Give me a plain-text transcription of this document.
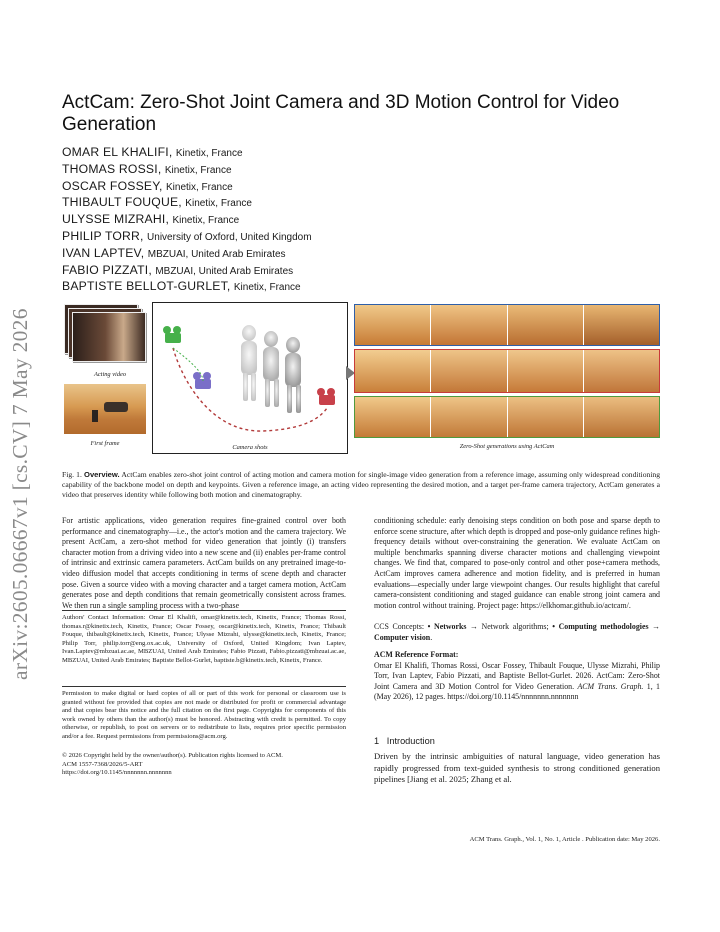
arXiv:2605.06667v1 [cs.CV] 7 May 2026
ActCam: Zero-Shot Joint Camera and 3D Motion Control for Video Generation
OMAR EL KHALIFI, Kinetix, France
THOMAS ROSSI, Kinetix, France
OSCAR FOSSEY, Kinetix, France
THIBAULT FOUQUE, Kinetix, France
ULYSSE MIZRAHI, Kinetix, France
PHILIP TORR, University of Oxford, United Kingdom
IVAN LAPTEV, MBZUAI, United Arab Emirates
FABIO PIZZATI, MBZUAI, United Arab Emirates
BAPTISTE BELLOT-GURLET, Kinetix, France
Acting video
First frame
Camera shots	Zero-Shot generations using ActCam
Fig. 1. Overview. ActCam enables zero-shot joint control of acting motion and camera motion for single-image video generation from a reference image, assuming only widespread conditioning capability of the backbone model on depth and keypoints. Given a reference image, an acting video representing the desired motion, and a target per-frame camera trajectory, ActCam generates a video that preserves identity while following both motion and cinematography.
For artistic applications, video generation requires fine-grained control over both performance and cinematography—i.e., the actor's motion and the camera trajectory. We present ActCam, a zero-shot method for video generation that jointly (i) transfers character motion from a driving video into a new scene and (ii) enables per-frame control of intrinsic and extrinsic camera parameters. ActCam builds on any pretrained image-to-video diffusion model that accepts conditioning in terms of scene depth and character pose. Given a source video with a moving character and a target camera motion, ActCam generates pose and depth conditions that remain geometrically consistent across frames. We then run a single sampling process with a two-phase
Authors' Contact Information: Omar El Khalifi, omar@kinetix.tech, Kinetix, France; Thomas Rossi, thomas.r@kinetix.tech, Kinetix, France; Oscar Fossey, oscar@kinetix.tech, Kinetix, France; Thibault Fouque, thibault@kinetix.tech, Kinetix, France; Ulysse Mizrahi, ulysse@kinetix.tech, Kinetix, France; Philip Torr, philip.torr@eng.ox.ac.uk, University of Oxford, United Kingdom; Ivan Laptev, Ivan.Laptev@mbzuai.ac.ae, MBZUAI, United Arab Emirates; Fabio Pizzati, Fabio.pizzati@mbzuai.ac.ae, MBZUAI, United Arab Emirates; Baptiste Bellot-Gurlet, baptiste.b@kinetix.tech, Kinetix, France.
Permission to make digital or hard copies of all or part of this work for personal or classroom use is granted without fee provided that copies are not made or distributed for profit or commercial advantage and that copies bear this notice and the full citation on the first page. Copyrights for components of this work owned by others than the author(s) must be honored. Abstracting with credit is permitted. To copy otherwise, or republish, to post on servers or to redistribute to lists, requires prior specific permission and/or a fee. Request permissions from permissions@acm.org.
© 2026 Copyright held by the owner/author(s). Publication rights licensed to ACM.
ACM 1557-7368/2026/5-ART
https://doi.org/10.1145/nnnnnnn.nnnnnnn
conditioning schedule: early denoising steps condition on both pose and sparse depth to enforce scene structure, after which depth is dropped and pose-only guidance refines high-frequency details without over-constraining the generation. We evaluate ActCam on multiple benchmarks spanning diverse character motions and challenging viewpoint changes. We find that, compared to pose-only control and other pose+camera methods, ActCam improves camera adherence and motion fidelity, and is preferred in human evaluations—especially under large viewpoint changes. Our results highlight that careful camera-consistent conditioning and staged guidance can enable strong joint camera and motion control without training. Project page: https://elkhomar.github.io/actcam/.
CCS Concepts: • Networks → Network algorithms; • Computing methodologies → Computer vision.
ACM Reference Format:
Omar El Khalifi, Thomas Rossi, Oscar Fossey, Thibault Fouque, Ulysse Mizrahi, Philip Torr, Ivan Laptev, Fabio Pizzati, and Baptiste Bellot-Gurlet. 2026. ActCam: Zero-Shot Joint Camera and 3D Motion Control for Video Generation. ACM Trans. Graph. 1, 1 (May 2026), 12 pages. https://doi.org/10.1145/nnnnnnn.nnnnnnn
1 Introduction
Driven by the intrinsic ambiguities of natural language, video generation has rapidly progressed from text-guided synthesis to strong conditioned generation pipelines [Jiang et al. 2025; Zhang et al.
ACM Trans. Graph., Vol. 1, No. 1, Article . Publication date: May 2026.
